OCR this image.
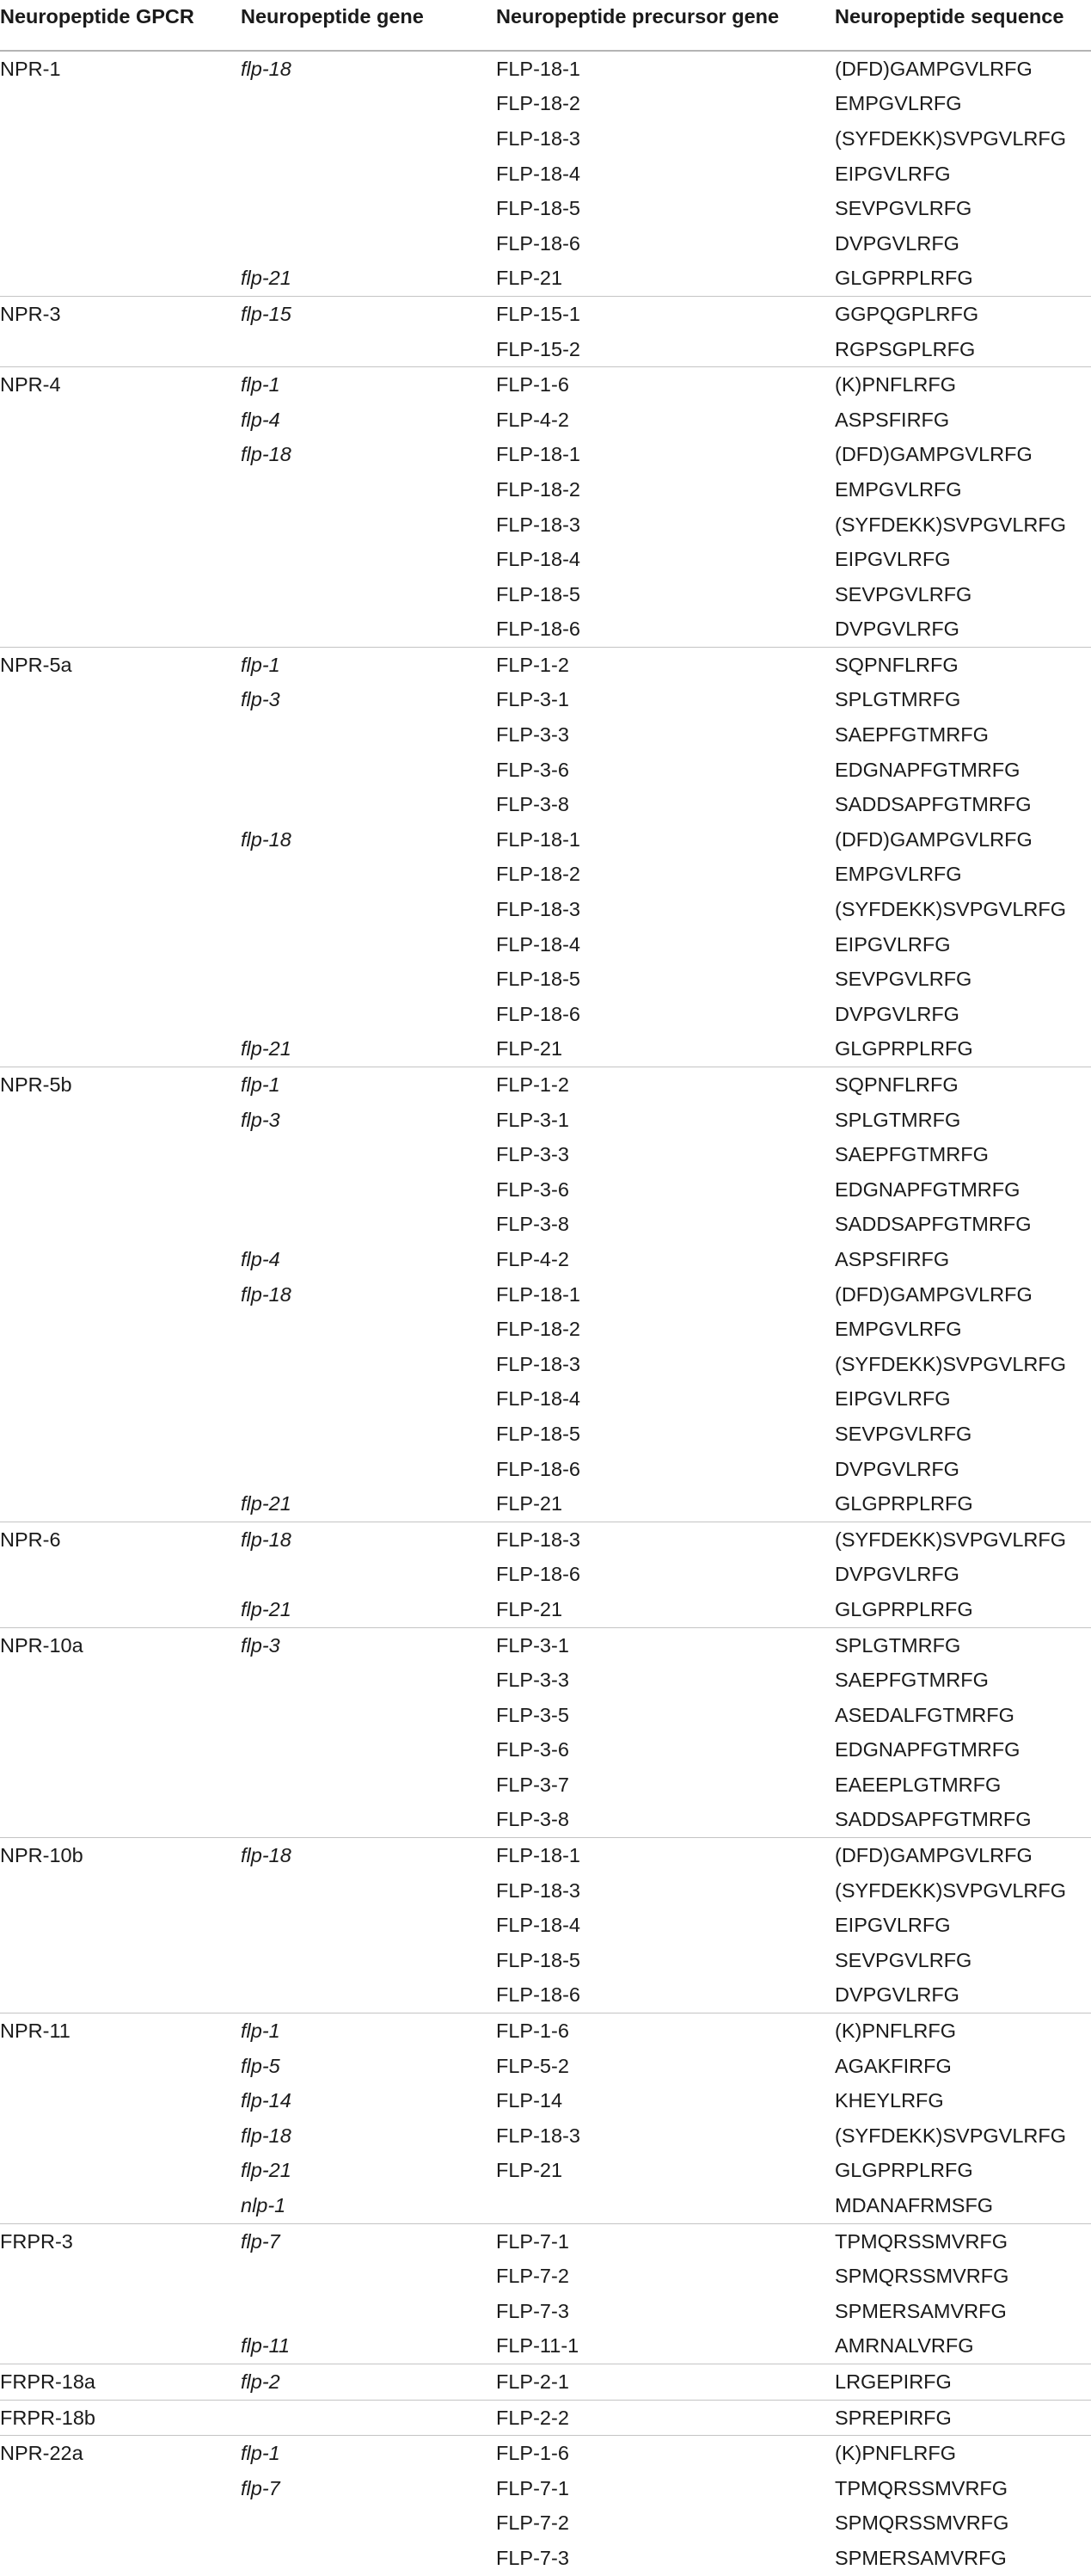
Neuropeptide GPCR	Neuropeptide gene	Neuropeptide precursor gene	Neuropeptide sequence
NPR-1	flp-18	FLP-18-1	(DFD)GAMPGVLRFG
		FLP-18-2	EMPGVLRFG
		FLP-18-3	(SYFDEKK)SVPGVLRFG
		FLP-18-4	EIPGVLRFG
		FLP-18-5	SEVPGVLRFG
		FLP-18-6	DVPGVLRFG
	flp-21	FLP-21	GLGPRPLRFG
NPR-3	flp-15	FLP-15-1	GGPQGPLRFG
		FLP-15-2	RGPSGPLRFG
NPR-4	flp-1	FLP-1-6	(K)PNFLRFG
	flp-4	FLP-4-2	ASPSFIRFG
	flp-18	FLP-18-1	(DFD)GAMPGVLRFG
		FLP-18-2	EMPGVLRFG
		FLP-18-3	(SYFDEKK)SVPGVLRFG
		FLP-18-4	EIPGVLRFG
		FLP-18-5	SEVPGVLRFG
		FLP-18-6	DVPGVLRFG
NPR-5a	flp-1	FLP-1-2	SQPNFLRFG
	flp-3	FLP-3-1	SPLGTMRFG
		FLP-3-3	SAEPFGTMRFG
		FLP-3-6	EDGNAPFGTMRFG
		FLP-3-8	SADDSAPFGTMRFG
	flp-18	FLP-18-1	(DFD)GAMPGVLRFG
		FLP-18-2	EMPGVLRFG
		FLP-18-3	(SYFDEKK)SVPGVLRFG
		FLP-18-4	EIPGVLRFG
		FLP-18-5	SEVPGVLRFG
		FLP-18-6	DVPGVLRFG
	flp-21	FLP-21	GLGPRPLRFG
NPR-5b	flp-1	FLP-1-2	SQPNFLRFG
	flp-3	FLP-3-1	SPLGTMRFG
		FLP-3-3	SAEPFGTMRFG
		FLP-3-6	EDGNAPFGTMRFG
		FLP-3-8	SADDSAPFGTMRFG
	flp-4	FLP-4-2	ASPSFIRFG
	flp-18	FLP-18-1	(DFD)GAMPGVLRFG
		FLP-18-2	EMPGVLRFG
		FLP-18-3	(SYFDEKK)SVPGVLRFG
		FLP-18-4	EIPGVLRFG
		FLP-18-5	SEVPGVLRFG
		FLP-18-6	DVPGVLRFG
	flp-21	FLP-21	GLGPRPLRFG
NPR-6	flp-18	FLP-18-3	(SYFDEKK)SVPGVLRFG
		FLP-18-6	DVPGVLRFG
	flp-21	FLP-21	GLGPRPLRFG
NPR-10a	flp-3	FLP-3-1	SPLGTMRFG
		FLP-3-3	SAEPFGTMRFG
		FLP-3-5	ASEDALFGTMRFG
		FLP-3-6	EDGNAPFGTMRFG
		FLP-3-7	EAEEPLGTMRFG
		FLP-3-8	SADDSAPFGTMRFG
NPR-10b	flp-18	FLP-18-1	(DFD)GAMPGVLRFG
		FLP-18-3	(SYFDEKK)SVPGVLRFG
		FLP-18-4	EIPGVLRFG
		FLP-18-5	SEVPGVLRFG
		FLP-18-6	DVPGVLRFG
NPR-11	flp-1	FLP-1-6	(K)PNFLRFG
	flp-5	FLP-5-2	AGAKFIRFG
	flp-14	FLP-14	KHEYLRFG
	flp-18	FLP-18-3	(SYFDEKK)SVPGVLRFG
	flp-21	FLP-21	GLGPRPLRFG
	nlp-1		MDANAFRMSFG
FRPR-3	flp-7	FLP-7-1	TPMQRSSMVRFG
		FLP-7-2	SPMQRSSMVRFG
		FLP-7-3	SPMERSAMVRFG
	flp-11	FLP-11-1	AMRNALVRFG
FRPR-18a	flp-2	FLP-2-1	LRGEPIRFG
FRPR-18b		FLP-2-2	SPREPIRFG
NPR-22a	flp-1	FLP-1-6	(K)PNFLRFG
	flp-7	FLP-7-1	TPMQRSSMVRFG
		FLP-7-2	SPMQRSSMVRFG
		FLP-7-3	SPMERSAMVRFG
